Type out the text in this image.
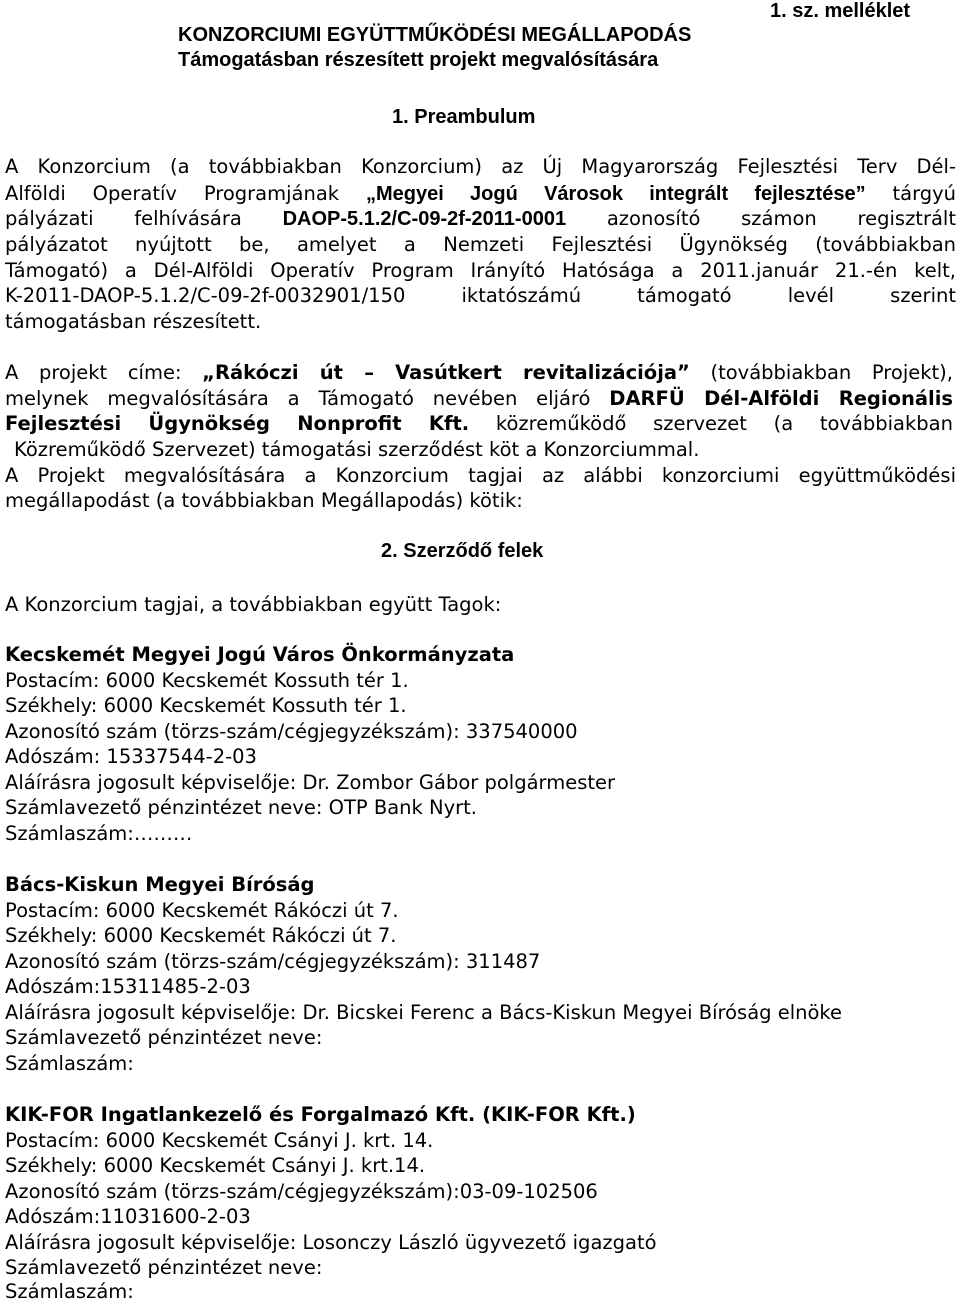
1. sz. melléklet
KONZORCIUMI EGYÜTTMŰKÖDÉSI MEGÁLLAPODÁS
Támogatásban részesített projekt megvalósítására
1. Preambulum
A Konzorcium (a továbbiakban Konzorcium) az Új Magyarország Fejlesztési Terv Dél-
Alföldi Operatív Programjának „Megyei Jogú Városok integrált fejlesztése” tárgyú
pályázati felhívására DAOP-5.1.2/C-09-2f-2011-0001 azonosító számon regisztrált
pályázatot nyújtott be, amelyet a Nemzeti Fejlesztési Ügynökség (továbbiakban
Támogató) a Dél-Alföldi Operatív Program Irányító Hatósága a 2011.január 21.-én kelt,
K-2011-DAOP-5.1.2/C-09-2f-0032901/150 iktatószámú támogató levél szerint
támogatásban részesített.
A projekt címe: „Rákóczi út – Vasútkert revitalizációja” (továbbiakban Projekt),
melynek megvalósítására a Támogató nevében eljáró DARFÜ Dél-Alföldi Regionális
Fejlesztési Ügynökség Nonprofit Kft. közreműködő szervezet (a továbbiakban
Közreműködő Szervezet) támogatási szerződést köt a Konzorciummal.
A Projekt megvalósítására a Konzorcium tagjai az alábbi konzorciumi együttműködési
megállapodást (a továbbiakban Megállapodás) kötik:
2. Szerződő felek
A Konzorcium tagjai, a továbbiakban együtt Tagok:
Kecskemét Megyei Jogú Város Önkormányzata
Postacím: 6000 Kecskemét Kossuth tér 1.
Székhely: 6000 Kecskemét Kossuth tér 1.
Azonosító szám (törzs-szám/cégjegyzékszám): 337540000
Adószám: 15337544-2-03
Aláírásra jogosult képviselője: Dr. Zombor Gábor polgármester
Számlavezető pénzintézet neve: OTP Bank Nyrt.
Számlaszám:………
Bács-Kiskun Megyei Bíróság
Postacím: 6000 Kecskemét Rákóczi út 7.
Székhely: 6000 Kecskemét Rákóczi út 7.
Azonosító szám (törzs-szám/cégjegyzékszám): 311487
Adószám:15311485-2-03
Aláírásra jogosult képviselője: Dr. Bicskei Ferenc a Bács-Kiskun Megyei Bíróság elnöke
Számlavezető pénzintézet neve:
Számlaszám:
KIK-FOR Ingatlankezelő és Forgalmazó Kft. (KIK-FOR Kft.)
Postacím: 6000 Kecskemét Csányi J. krt. 14.
Székhely: 6000 Kecskemét Csányi J. krt.14.
Azonosító szám (törzs-szám/cégjegyzékszám):03-09-102506
Adószám:11031600-2-03
Aláírásra jogosult képviselője: Losonczy László ügyvezető igazgató
Számlavezető pénzintézet neve:
Számlaszám:
